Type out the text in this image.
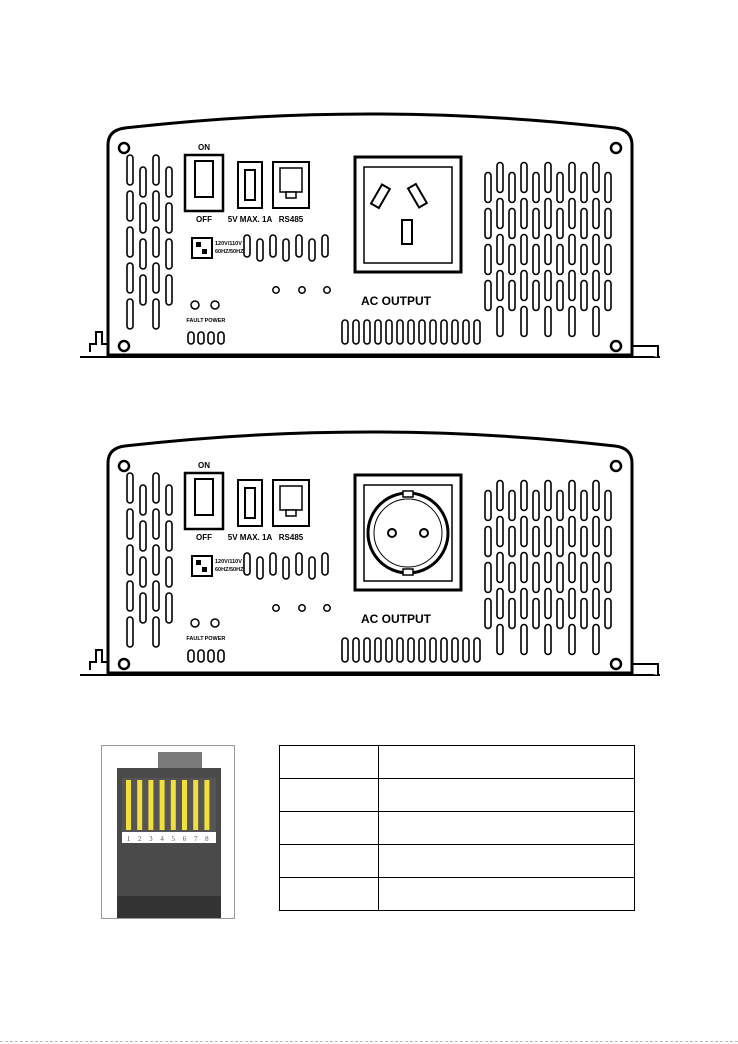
ON
OFF 5V MAX. 1A RS485
120V/110V
60HZ/50HZ
FAULT POWER
AC OUTPUT
ON
OFF 5V MAX. 1A RS485
120V/110V
60HZ/50HZ
FAULT POWER
AC OUTPUT
1 2 3 4 5 6 7 8
